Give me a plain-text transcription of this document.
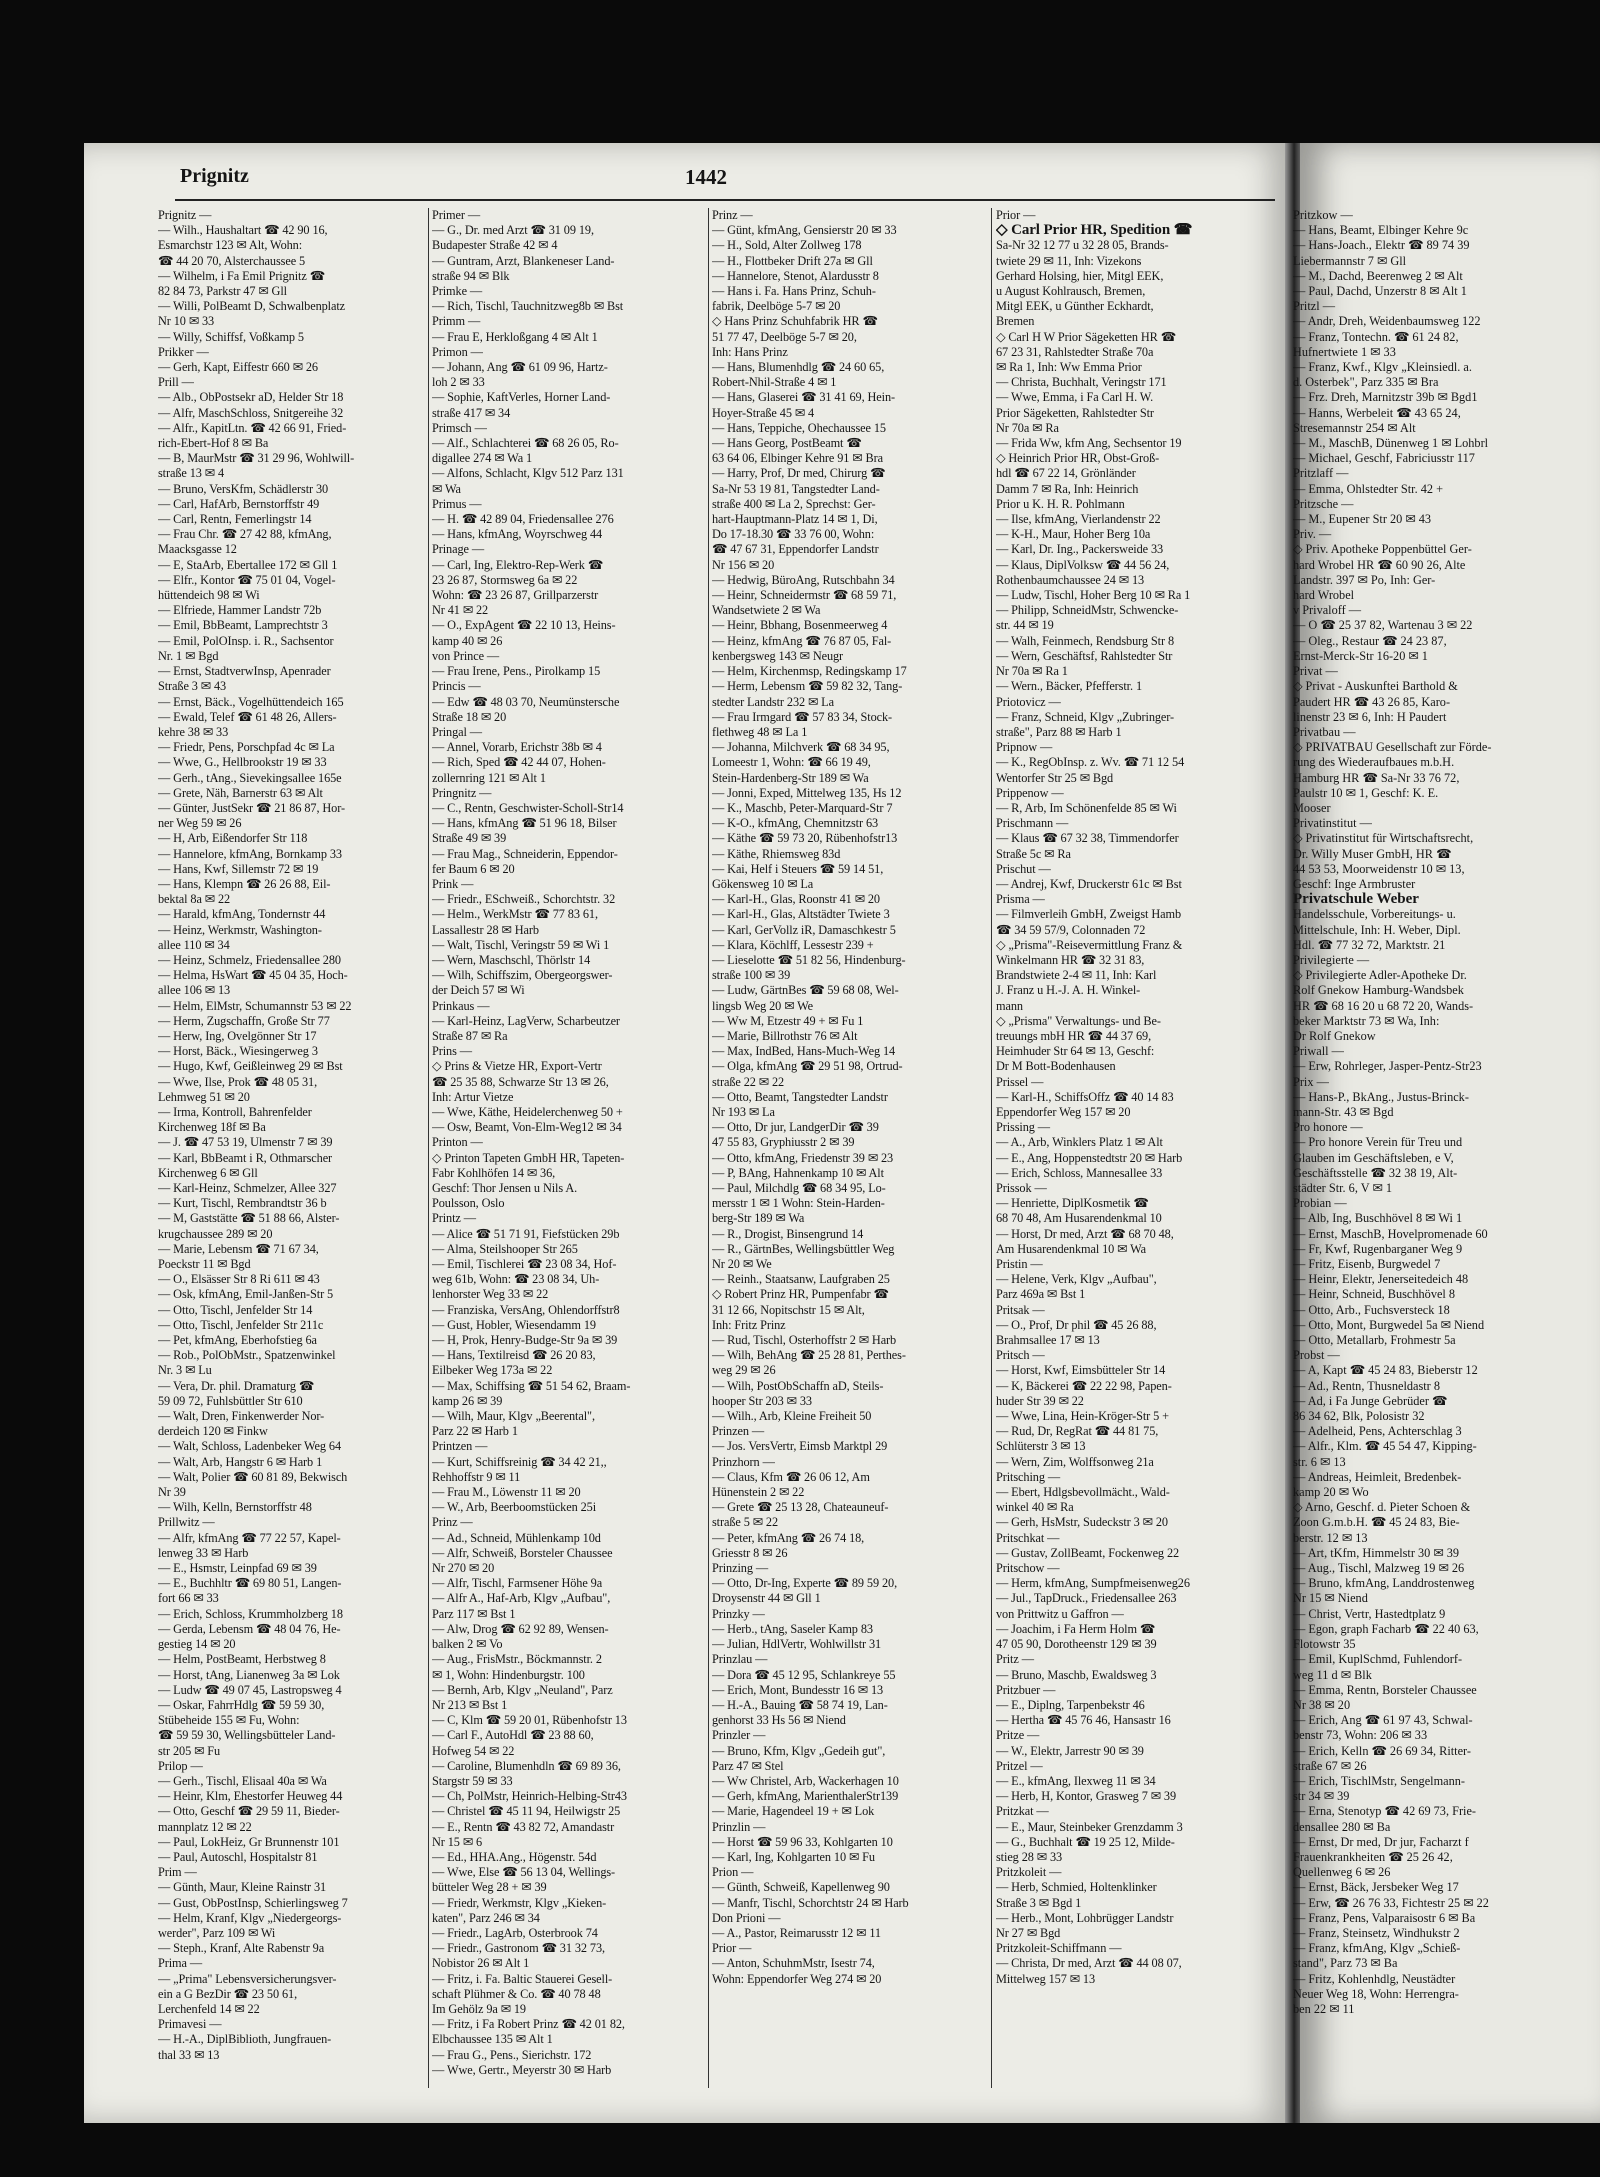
Prignitz	1442
Prignitz —
— Wilh., Haushaltart ☎ 42 90 16,
Esmarchstr 123 ✉ Alt, Wohn:
☎ 44 20 70, Alsterchaussee 5
— Wilhelm, i Fa Emil Prignitz ☎
82 84 73, Parkstr 47 ✉ Gll
— Willi, PolBeamt D, Schwalbenplatz
Nr 10 ✉ 33
— Willy, Schiffsf, Voßkamp 5
Prikker —
— Gerh, Kapt, Eiffestr 660 ✉ 26
Prill —
— Alb., ObPostsekr aD, Helder Str 18
— Alfr, MaschSchloss, Snitgereihe 32
— Alfr., KapitLtn. ☎ 42 66 91, Fried-
rich-Ebert-Hof 8 ✉ Ba
— B, MaurMstr ☎ 31 29 96, Wohlwill-
straße 13 ✉ 4
— Bruno, VersKfm, Schädlerstr 30
— Carl, HafArb, Bernstorffstr 49
— Carl, Rentn, Femerlingstr 14
— Frau Chr. ☎ 27 42 88, kfmAng,
Maacksgasse 12
— E, StaArb, Ebertallee 172 ✉ Gll 1
— Elfr., Kontor ☎ 75 01 04, Vogel-
hüttendeich 98 ✉ Wi
— Elfriede, Hammer Landstr 72b
— Emil, BbBeamt, Lamprechtstr 3
— Emil, PolOInsp. i. R., Sachsentor
Nr. 1 ✉ Bgd
— Ernst, StadtverwInsp, Apenrader
Straße 3 ✉ 43
— Ernst, Bäck., Vogelhüttendeich 165
— Ewald, Telef ☎ 61 48 26, Allers-
kehre 38 ✉ 33
— Friedr, Pens, Porschpfad 4c ✉ La
— Wwe, G., Hellbrookstr 19 ✉ 33
— Gerh., tAng., Sievekingsallee 165e
— Grete, Näh, Barnerstr 63 ✉ Alt
— Günter, JustSekr ☎ 21 86 87, Hor-
ner Weg 59 ✉ 26
— H, Arb, Eißendorfer Str 118
— Hannelore, kfmAng, Bornkamp 33
— Hans, Kwf, Sillemstr 72 ✉ 19
— Hans, Klempn ☎ 26 26 88, Eil-
bektal 8a ✉ 22
— Harald, kfmAng, Tondernstr 44
— Heinz, Werkmstr, Washington-
allee 110 ✉ 34
— Heinz, Schmelz, Friedensallee 280
— Helma, HsWart ☎ 45 04 35, Hoch-
allee 106 ✉ 13
— Helm, ElMstr, Schumannstr 53 ✉ 22
— Herm, Zugschaffn, Große Str 77
— Herw, Ing, Ovelgönner Str 17
— Horst, Bäck., Wiesingerweg 3
— Hugo, Kwf, Geißleinweg 29 ✉ Bst
— Wwe, Ilse, Prok ☎ 48 05 31,
Lehmweg 51 ✉ 20
— Irma, Kontroll, Bahrenfelder
Kirchenweg 18f ✉ Ba
— J. ☎ 47 53 19, Ulmenstr 7 ✉ 39
— Karl, BbBeamt i R, Othmarscher
Kirchenweg 6 ✉ Gll
— Karl-Heinz, Schmelzer, Allee 327
— Kurt, Tischl, Rembrandtstr 36 b
— M, Gaststätte ☎ 51 88 66, Alster-
krugchaussee 289 ✉ 20
— Marie, Lebensm ☎ 71 67 34,
Poeckstr 11 ✉ Bgd
— O., Elsässer Str 8 Ri 611 ✉ 43
— Osk, kfmAng, Emil-Janßen-Str 5
— Otto, Tischl, Jenfelder Str 14
— Otto, Tischl, Jenfelder Str 211c
— Pet, kfmAng, Eberhofstieg 6a
— Rob., PolObMstr., Spatzenwinkel
Nr. 3 ✉ Lu
— Vera, Dr. phil. Dramaturg ☎
59 09 72, Fuhlsbüttler Str 610
— Walt, Dren, Finkenwerder Nor-
derdeich 120 ✉ Finkw
— Walt, Schloss, Ladenbeker Weg 64
— Walt, Arb, Hangstr 6 ✉ Harb 1
— Walt, Polier ☎ 60 81 89, Bekwisch
Nr 39
— Wilh, Kelln, Bernstorffstr 48
Prillwitz —
— Alfr, kfmAng ☎ 77 22 57, Kapel-
lenweg 33 ✉ Harb
— E., Hsmstr, Leinpfad 69 ✉ 39
— E., Buchhltr ☎ 69 80 51, Langen-
fort 66 ✉ 33
— Erich, Schloss, Krummholzberg 18
— Gerda, Lebensm ☎ 48 04 76, He-
gestieg 14 ✉ 20
— Helm, PostBeamt, Herbstweg 8
— Horst, tAng, Lianenweg 3a ✉ Lok
— Ludw ☎ 49 07 45, Lastropsweg 4
— Oskar, FahrrHdlg ☎ 59 59 30,
Stübeheide 155 ✉ Fu, Wohn:
☎ 59 59 30, Wellingsbütteler Land-
str 205 ✉ Fu
Prilop —
— Gerh., Tischl, Elisaal 40a ✉ Wa
— Heinr, Klm, Ehestorfer Heuweg 44
— Otto, Geschf ☎ 29 59 11, Bieder-
mannplatz 12 ✉ 22
— Paul, LokHeiz, Gr Brunnenstr 101
— Paul, Autoschl, Hospitalstr 81
Prim —
— Günth, Maur, Kleine Rainstr 31
— Gust, ObPostInsp, Schierlingsweg 7
— Helm, Kranf, Klgv „Niedergeorgs-
werder", Parz 109 ✉ Wi
— Steph., Kranf, Alte Rabenstr 9a
Prima —
— „Prima" Lebensversicherungsver-
ein a G BezDir ☎ 23 50 61,
Lerchenfeld 14 ✉ 22
Primavesi —
— H.-A., DiplBiblioth, Jungfrauen-
thal 33 ✉ 13
Primer —
— G., Dr. med Arzt ☎ 31 09 19,
Budapester Straße 42 ✉ 4
— Guntram, Arzt, Blankeneser Land-
straße 94 ✉ Blk
Primke —
— Rich, Tischl, Tauchnitzweg8b ✉ Bst
Primm —
— Frau E, Herkloßgang 4 ✉ Alt 1
Primon —
— Johann, Ang ☎ 61 09 96, Hartz-
loh 2 ✉ 33
— Sophie, KaftVerles, Horner Land-
straße 417 ✉ 34
Primsch —
— Alf., Schlachterei ☎ 68 26 05, Ro-
digallee 274 ✉ Wa 1
— Alfons, Schlacht, Klgv 512 Parz 131
✉ Wa
Primus —
— H. ☎ 42 89 04, Friedensallee 276
— Hans, kfmAng, Woyrschweg 44
Prinage —
— Carl, Ing, Elektro-Rep-Werk ☎
23 26 87, Stormsweg 6a ✉ 22
Wohn: ☎ 23 26 87, Grillparzerstr
Nr 41 ✉ 22
— O., ExpAgent ☎ 22 10 13, Heins-
kamp 40 ✉ 26
von Prince —
— Frau Irene, Pens., Pirolkamp 15
Princis —
— Edw ☎ 48 03 70, Neumünstersche
Straße 18 ✉ 20
Pringal —
— Annel, Vorarb, Erichstr 38b ✉ 4
— Rich, Sped ☎ 42 44 07, Hohen-
zollernring 121 ✉ Alt 1
Pringnitz —
— C., Rentn, Geschwister-Scholl-Str14
— Hans, kfmAng ☎ 51 96 18, Bilser
Straße 49 ✉ 39
— Frau Mag., Schneiderin, Eppendor-
fer Baum 6 ✉ 20
Prink —
— Friedr., ESchweiß., Schorchtstr. 32
— Helm., WerkMstr ☎ 77 83 61,
Lassallestr 28 ✉ Harb
— Walt, Tischl, Veringstr 59 ✉ Wi 1
— Wern, Maschschl, Thörlstr 14
— Wilh, Schiffszim, Obergeorgswer-
der Deich 57 ✉ Wi
Prinkaus —
— Karl-Heinz, LagVerw, Scharbeutzer
Straße 87 ✉ Ra
Prins —
◇ Prins & Vietze HR, Export-Vertr
☎ 25 35 88, Schwarze Str 13 ✉ 26,
Inh: Artur Vietze
— Wwe, Käthe, Heidelerchenweg 50 +
— Osw, Beamt, Von-Elm-Weg12 ✉ 34
Printon —
◇ Printon Tapeten GmbH HR, Tapeten-
Fabr Kohlhöfen 14 ✉ 36,
Geschf: Thor Jensen u Nils A.
Poulsson, Oslo
Printz —
— Alice ☎ 51 71 91, Fiefstücken 29b
— Alma, Steilshooper Str 265
— Emil, Tischlerei ☎ 23 08 34, Hof-
weg 61b, Wohn: ☎ 23 08 34, Uh-
lenhorster Weg 33 ✉ 22
— Franziska, VersAng, Ohlendorffstr8
— Gust, Hobler, Wiesendamm 19
— H, Prok, Henry-Budge-Str 9a ✉ 39
— Hans, Textilreisd ☎ 26 20 83,
Eilbeker Weg 173a ✉ 22
— Max, Schiffsing ☎ 51 54 62, Braam-
kamp 26 ✉ 39
— Wilh, Maur, Klgv „Beerental",
Parz 22 ✉ Harb 1
Printzen —
— Kurt, Schiffsreinig ☎ 34 42 21,,
Rehhoffstr 9 ✉ 11
— Frau M., Löwenstr 11 ✉ 20
— W., Arb, Beerboomstücken 25i
Prinz —
— Ad., Schneid, Mühlenkamp 10d
— Alfr, Schweiß, Borsteler Chaussee
Nr 270 ✉ 20
— Alfr, Tischl, Farmsener Höhe 9a
— Alfr A., Haf-Arb, Klgv „Aufbau",
Parz 117 ✉ Bst 1
— Alw, Drog ☎ 62 92 89, Wensen-
balken 2 ✉ Vo
— Aug., FrisMstr., Böckmannstr. 2
✉ 1, Wohn: Hindenburgstr. 100
— Bernh, Arb, Klgv „Neuland", Parz
Nr 213 ✉ Bst 1
— C, Klm ☎ 59 20 01, Rübenhofstr 13
— Carl F., AutoHdl ☎ 23 88 60,
Hofweg 54 ✉ 22
— Caroline, Blumenhdln ☎ 69 89 36,
Stargstr 59 ✉ 33
— Ch, PolMstr, Heinrich-Helbing-Str43
— Christel ☎ 45 11 94, Heilwigstr 25
— E., Rentn ☎ 43 82 72, Amandastr
Nr 15 ✉ 6
— Ed., HHA.Ang., Högenstr. 54d
— Wwe, Else ☎ 56 13 04, Wellings-
bütteler Weg 28 + ✉ 39
— Friedr, Werkmstr, Klgv „Kieken-
katen", Parz 246 ✉ 34
— Friedr., LagArb, Osterbrook 74
— Friedr., Gastronom ☎ 31 32 73,
Nobistor 26 ✉ Alt 1
— Fritz, i. Fa. Baltic Stauerei Gesell-
schaft Plühmer & Co. ☎ 40 78 48
Im Gehölz 9a ✉ 19
— Fritz, i Fa Robert Prinz ☎ 42 01 82,
Elbchaussee 135 ✉ Alt 1
— Frau G., Pens., Sierichstr. 172
— Wwe, Gertr., Meyerstr 30 ✉ Harb
Prinz —
— Günt, kfmAng, Gensierstr 20 ✉ 33
— H., Sold, Alter Zollweg 178
— H., Flottbeker Drift 27a ✉ Gll
— Hannelore, Stenot, Alardusstr 8
— Hans i. Fa. Hans Prinz, Schuh-
fabrik, Deelböge 5-7 ✉ 20
◇ Hans Prinz Schuhfabrik HR ☎
51 77 47, Deelböge 5-7 ✉ 20,
Inh: Hans Prinz
— Hans, Blumenhdlg ☎ 24 60 65,
Robert-Nhil-Straße 4 ✉ 1
— Hans, Glaserei ☎ 31 41 69, Hein-
Hoyer-Straße 45 ✉ 4
— Hans, Teppiche, Ohechaussee 15
— Hans Georg, PostBeamt ☎
63 64 06, Elbinger Kehre 91 ✉ Bra
— Harry, Prof, Dr med, Chirurg ☎
Sa-Nr 53 19 81, Tangstedter Land-
straße 400 ✉ La 2, Sprechst: Ger-
hart-Hauptmann-Platz 14 ✉ 1, Di,
Do 17-18.30 ☎ 33 76 00, Wohn:
☎ 47 67 31, Eppendorfer Landstr
Nr 156 ✉ 20
— Hedwig, BüroAng, Rutschbahn 34
— Heinr, Schneidermstr ☎ 68 59 71,
Wandsetwiete 2 ✉ Wa
— Heinr, Bbhang, Bosenmeerweg 4
— Heinz, kfmAng ☎ 76 87 05, Fal-
kenbergsweg 143 ✉ Neugr
— Helm, Kirchenmsp, Redingskamp 17
— Herm, Lebensm ☎ 59 82 32, Tang-
stedter Landstr 232 ✉ La
— Frau Irmgard ☎ 57 83 34, Stock-
flethweg 48 ✉ La 1
— Johanna, Milchverk ☎ 68 34 95,
Lomeestr 1, Wohn: ☎ 66 19 49,
Stein-Hardenberg-Str 189 ✉ Wa
— Jonni, Exped, Mittelweg 135, Hs 12
— K., Maschb, Peter-Marquard-Str 7
— K-O., kfmAng, Chemnitzstr 63
— Käthe ☎ 59 73 20, Rübenhofstr13
— Käthe, Rhiemsweg 83d
— Kai, Helf i Steuers ☎ 59 14 51,
Gökensweg 10 ✉ La
— Karl-H., Glas, Roonstr 41 ✉ 20
— Karl-H., Glas, Altstädter Twiete 3
— Karl, GerVollz iR, Damaschkestr 5
— Klara, Köchlff, Lessestr 239 +
— Lieselotte ☎ 51 82 56, Hindenburg-
straße 100 ✉ 39
— Ludw, GärtnBes ☎ 59 68 08, Wel-
lingsb Weg 20 ✉ We
— Ww M, Etzestr 49 + ✉ Fu 1
— Marie, Billrothstr 76 ✉ Alt
— Max, IndBed, Hans-Much-Weg 14
— Olga, kfmAng ☎ 29 51 98, Ortrud-
straße 22 ✉ 22
— Otto, Beamt, Tangstedter Landstr
Nr 193 ✉ La
— Otto, Dr jur, LandgerDir ☎ 39
47 55 83, Gryphiusstr 2 ✉ 39
— Otto, kfmAng, Friedenstr 39 ✉ 23
— P, BAng, Hahnenkamp 10 ✉ Alt
— Paul, Milchdlg ☎ 68 34 95, Lo-
mersstr 1 ✉ 1 Wohn: Stein-Harden-
berg-Str 189 ✉ Wa
— R., Drogist, Binsengrund 14
— R., GärtnBes, Wellingsbüttler Weg
Nr 20 ✉ We
— Reinh., Staatsanw, Laufgraben 25
◇ Robert Prinz HR, Pumpenfabr ☎
31 12 66, Nopitschstr 15 ✉ Alt,
Inh: Fritz Prinz
— Rud, Tischl, Osterhoffstr 2 ✉ Harb
— Wilh, BehAng ☎ 25 28 81, Perthes-
weg 29 ✉ 26
— Wilh, PostObSchaffn aD, Steils-
hooper Str 203 ✉ 33
— Wilh., Arb, Kleine Freiheit 50
Prinzen —
— Jos. VersVertr, Eimsb Marktpl 29
Prinzhorn —
— Claus, Kfm ☎ 26 06 12, Am
Hünenstein 2 ✉ 22
— Grete ☎ 25 13 28, Chateauneuf-
straße 5 ✉ 22
— Peter, kfmAng ☎ 26 74 18,
Griesstr 8 ✉ 26
Prinzing —
— Otto, Dr-Ing, Experte ☎ 89 59 20,
Droysenstr 44 ✉ Gll 1
Prinzky —
— Herb., tAng, Saseler Kamp 83
— Julian, HdlVertr, Wohlwillstr 31
Prinzlau —
— Dora ☎ 45 12 95, Schlankreye 55
— Erich, Mont, Bundesstr 16 ✉ 13
— H.-A., Bauing ☎ 58 74 19, Lan-
genhorst 33 Hs 56 ✉ Niend
Prinzler —
— Bruno, Kfm, Klgv „Gedeih gut",
Parz 47 ✉ Stel
— Ww Christel, Arb, Wackerhagen 10
— Gerh, kfmAng, MarienthalerStr139
— Marie, Hagendeel 19 + ✉ Lok
Prinzlin —
— Horst ☎ 59 96 33, Kohlgarten 10
— Karl, Ing, Kohlgarten 10 ✉ Fu
Prion —
— Günth, Schweiß, Kapellenweg 90
— Manfr, Tischl, Schorchtstr 24 ✉ Harb
Don Prioni —
— A., Pastor, Reimarusstr 12 ✉ 11
Prior —
— Anton, SchuhmMstr, Isestr 74,
Wohn: Eppendorfer Weg 274 ✉ 20
Prior —
◇ Carl Prior HR, Spedition ☎
Sa-Nr 32 12 77 u 32 28 05, Brands-
twiete 29 ✉ 11, Inh: Vizekons
Gerhard Holsing, hier, Mitgl EEK,
u August Kohlrausch, Bremen,
Mitgl EEK, u Günther Eckhardt,
Bremen
◇ Carl H W Prior Sägeketten HR ☎
67 23 31, Rahlstedter Straße 70a
✉ Ra 1, Inh: Ww Emma Prior
— Christa, Buchhalt, Veringstr 171
— Wwe, Emma, i Fa Carl H. W.
Prior Sägeketten, Rahlstedter Str
Nr 70a ✉ Ra
— Frida Ww, kfm Ang, Sechsentor 19
◇ Heinrich Prior HR, Obst-Groß-
hdl ☎ 67 22 14, Grönländer
Damm 7 ✉ Ra, Inh: Heinrich
Prior u K. H. R. Pohlmann
— Ilse, kfmAng, Vierlandenstr 22
— K-H., Maur, Hoher Berg 10a
— Karl, Dr. Ing., Packersweide 33
— Klaus, DiplVolksw ☎ 44 56 24,
Rothenbaumchaussee 24 ✉ 13
— Ludw, Tischl, Hoher Berg 10 ✉ Ra 1
— Philipp, SchneidMstr, Schwencke-
str. 44 ✉ 19
— Walh, Feinmech, Rendsburg Str 8
— Wern, Geschäftsf, Rahlstedter Str
Nr 70a ✉ Ra 1
— Wern., Bäcker, Pfefferstr. 1
Priotovicz —
— Franz, Schneid, Klgv „Zubringer-
straße", Parz 88 ✉ Harb 1
Pripnow —
— K., RegObInsp. z. Wv. ☎ 71 12 54
Wentorfer Str 25 ✉ Bgd
Prippenow —
— R, Arb, Im Schönenfelde 85 ✉ Wi
Prischmann —
— Klaus ☎ 67 32 38, Timmendorfer
Straße 5c ✉ Ra
Prischut —
— Andrej, Kwf, Druckerstr 61c ✉ Bst
Prisma —
— Filmverleih GmbH, Zweigst Hamb
☎ 34 59 57/9, Colonnaden 72
◇ „Prisma"-Reisevermittlung Franz &
Winkelmann HR ☎ 32 31 83,
Brandstwiete 2-4 ✉ 11, Inh: Karl
J. Franz u H.-J. A. H. Winkel-
mann
◇ „Prisma" Verwaltungs- und Be-
treuungs mbH HR ☎ 44 37 69,
Heimhuder Str 64 ✉ 13, Geschf:
Dr M Bott-Bodenhausen
Prissel —
— Karl-H., SchiffsOffz ☎ 40 14 83
Eppendorfer Weg 157 ✉ 20
Prissing —
— A., Arb, Winklers Platz 1 ✉ Alt
— E., Ang, Hoppenstedtstr 20 ✉ Harb
— Erich, Schloss, Mannesallee 33
Prissok —
— Henriette, DiplKosmetik ☎
68 70 48, Am Husarendenkmal 10
— Horst, Dr med, Arzt ☎ 68 70 48,
Am Husarendenkmal 10 ✉ Wa
Pristin —
— Helene, Verk, Klgv „Aufbau",
Parz 469a ✉ Bst 1
Pritsak —
— O., Prof, Dr phil ☎ 45 26 88,
Brahmsallee 17 ✉ 13
Pritsch —
— Horst, Kwf, Eimsbütteler Str 14
— K, Bäckerei ☎ 22 22 98, Papen-
huder Str 39 ✉ 22
— Wwe, Lina, Hein-Kröger-Str 5 +
— Rud, Dr, RegRat ☎ 44 81 75,
Schlüterstr 3 ✉ 13
— Wern, Zim, Wolffsonweg 21a
Pritsching —
— Ebert, Hdlgsbevollmächt., Wald-
winkel 40 ✉ Ra
— Gerh, HsMstr, Sudeckstr 3 ✉ 20
Pritschkat —
— Gustav, ZollBeamt, Fockenweg 22
Pritschow —
— Herm, kfmAng, Sumpfmeisenweg26
— Jul., TapDruck., Friedensallee 263
von Prittwitz u Gaffron —
— Joachim, i Fa Herm Holm ☎
47 05 90, Dorotheenstr 129 ✉ 39
Pritz —
— Bruno, Maschb, Ewaldsweg 3
Pritzbuer —
— E., Diplng, Tarpenbekstr 46
— Hertha ☎ 45 76 46, Hansastr 16
Pritze —
— W., Elektr, Jarrestr 90 ✉ 39
Pritzel —
— E., kfmAng, Ilexweg 11 ✉ 34
— Herb, H, Kontor, Grasweg 7 ✉ 39
Pritzkat —
— E., Maur, Steinbeker Grenzdamm 3
— G., Buchhalt ☎ 19 25 12, Milde-
stieg 28 ✉ 33
Pritzkoleit —
— Herb, Schmied, Holtenklinker
Straße 3 ✉ Bgd 1
— Herb., Mont, Lohbrügger Landstr
Nr 27 ✉ Bgd
Pritzkoleit-Schiffmann —
— Christa, Dr med, Arzt ☎ 44 08 07,
Mittelweg 157 ✉ 13
Pritzkow —
— Hans, Beamt, Elbinger Kehre 9c
— Hans-Joach., Elektr ☎ 89 74 39
Liebermannstr 7 ✉ Gll
— M., Dachd, Beerenweg 2 ✉ Alt
— Paul, Dachd, Unzerstr 8 ✉ Alt 1
Pritzl —
— Andr, Dreh, Weidenbaumsweg 122
— Franz, Tontechn. ☎ 61 24 82,
Hufnertwiete 1 ✉ 33
— Franz, Kwf., Klgv „Kleinsiedl. a.
d. Osterbek", Parz 335 ✉ Bra
— Frz. Dreh, Marnitzstr 39b ✉ Bgd1
— Hanns, Werbeleit ☎ 43 65 24,
Stresemannstr 254 ✉ Alt
— M., MaschB, Dünenweg 1 ✉ Lohbrl
— Michael, Geschf, Fabriciusstr 117
Pritzlaff —
— Emma, Ohlstedter Str. 42 +
Pritzsche —
— M., Eupener Str 20 ✉ 43
Priv. —
◇ Priv. Apotheke Poppenbüttel Ger-
hard Wrobel HR ☎ 60 90 26, Alte
Landstr. 397 ✉ Po, Inh: Ger-
hard Wrobel
v Privaloff —
— O ☎ 25 37 82, Wartenau 3 ✉ 22
— Oleg., Restaur ☎ 24 23 87,
Ernst-Merck-Str 16-20 ✉ 1
Privat —
◇ Privat - Auskunftei Barthold &
Paudert HR ☎ 43 26 85, Karo-
linenstr 23 ✉ 6, Inh: H Paudert
Privatbau —
◇ PRIVATBAU Gesellschaft zur Förde-
rung des Wiederaufbaues m.b.H.
Hamburg HR ☎ Sa-Nr 33 76 72,
Paulstr 10 ✉ 1, Geschf: K. E.
Mooser
Privatinstitut —
◇ Privatinstitut für Wirtschaftsrecht,
Dr. Willy Muser GmbH, HR ☎
44 53 53, Moorweidenstr 10 ✉ 13,
Geschf: Inge Armbruster
Privatschule Weber
Handelsschule, Vorbereitungs- u.
Mittelschule, Inh: H. Weber, Dipl.
Hdl. ☎ 77 32 72, Marktstr. 21
Privilegierte —
◇ Privilegierte Adler-Apotheke Dr.
Rolf Gnekow Hamburg-Wandsbek
HR ☎ 68 16 20 u 68 72 20, Wands-
beker Marktstr 73 ✉ Wa, Inh:
Dr Rolf Gnekow
Priwall —
— Erw, Rohrleger, Jasper-Pentz-Str23
Prix —
— Hans-P., BkAng., Justus-Brinck-
mann-Str. 43 ✉ Bgd
Pro honore —
— Pro honore Verein für Treu und
Glauben im Geschäftsleben, e V,
Geschäftsstelle ☎ 32 38 19, Alt-
städter Str. 6, V ✉ 1
Probian —
— Alb, Ing, Buschhövel 8 ✉ Wi 1
— Ernst, MaschB, Hovelpromenade 60
— Fr, Kwf, Rugenbarganer Weg 9
— Fritz, Eisenb, Burgwedel 7
— Heinr, Elektr, Jenerseitedeich 48
— Heinr, Schneid, Buschhövel 8
— Otto, Arb., Fuchsversteck 18
— Otto, Mont, Burgwedel 5a ✉ Niend
— Otto, Metallarb, Frohmestr 5a
Probst —
— A, Kapt ☎ 45 24 83, Bieberstr 12
— Ad., Rentn, Thusneldastr 8
— Ad, i Fa Junge Gebrüder ☎
86 34 62, Blk, Polosistr 32
— Adelheid, Pens, Achterschlag 3
— Alfr., Klm. ☎ 45 54 47, Kipping-
str. 6 ✉ 13
— Andreas, Heimleit, Bredenbek-
kamp 20 ✉ Wo
◇ Arno, Geschf. d. Pieter Schoen &
Zoon G.m.b.H. ☎ 45 24 83, Bie-
berstr. 12 ✉ 13
— Art, tKfm, Himmelstr 30 ✉ 39
— Aug., Tischl, Malzweg 19 ✉ 26
— Bruno, kfmAng, Landdrostenweg
Nr 15 ✉ Niend
— Christ, Vertr, Hastedtplatz 9
— Egon, graph Facharb ☎ 22 40 63,
Flotowstr 35
— Emil, KuplSchmd, Fuhlendorf-
weg 11 d ✉ Blk
— Emma, Rentn, Borsteler Chaussee
Nr 38 ✉ 20
— Erich, Ang ☎ 61 97 43, Schwal-
benstr 73, Wohn: 206 ✉ 33
— Erich, Kelln ☎ 26 69 34, Ritter-
straße 67 ✉ 26
— Erich, TischlMstr, Sengelmann-
str 34 ✉ 39
— Erna, Stenotyp ☎ 42 69 73, Frie-
densallee 280 ✉ Ba
— Ernst, Dr med, Dr jur, Facharzt f
Frauenkrankheiten ☎ 25 26 42,
Quellenweg 6 ✉ 26
— Ernst, Bäck, Jersbeker Weg 17
— Erw, ☎ 26 76 33, Fichtestr 25 ✉ 22
— Franz, Pens, Valparaisostr 6 ✉ Ba
— Franz, Steinsetz, Windhukstr 2
— Franz, kfmAng, Klgv „Schieß-
stand", Parz 73 ✉ Ba
— Fritz, Kohlenhdlg, Neustädter
Neuer Weg 18, Wohn: Herrengra-
ben 22 ✉ 11
